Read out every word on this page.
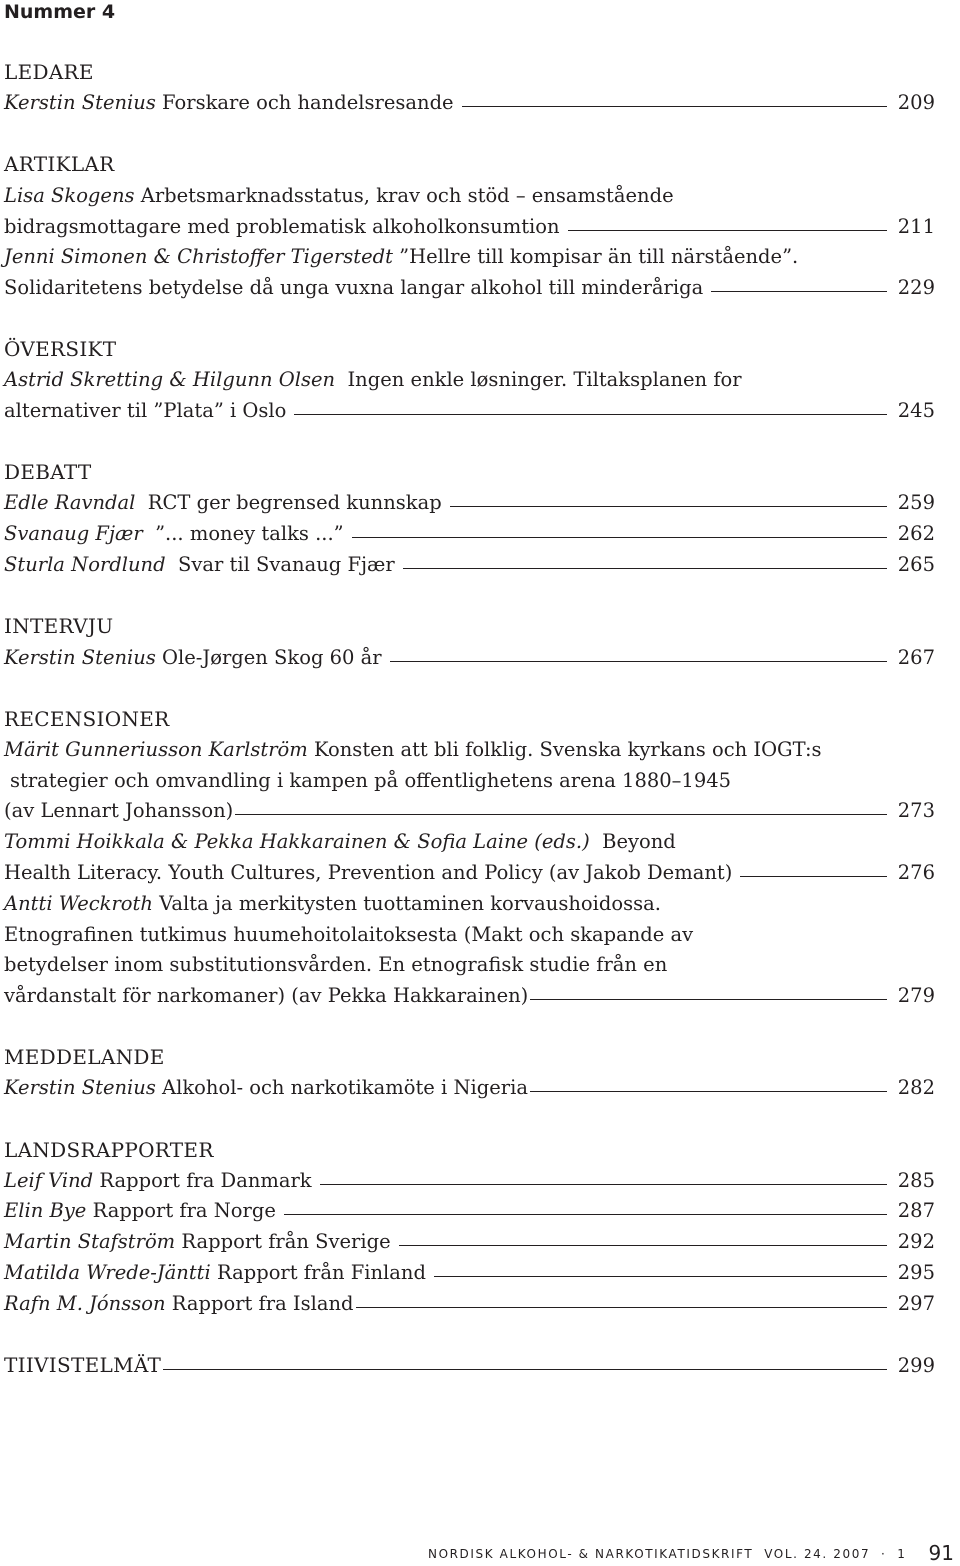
Nummer 4
LEDARE
Kerstin Stenius
Forskare och handelsresande	209
ARTIKLAR
Lisa Skogens
Arbetsmarknadsstatus, krav och stöd – ensamstående
bidragsmottagare med problematisk alkoholkonsumtion	211
Jenni Simonen & Christoffer Tigerstedt
”Hellre till kompisar än till närstående”.
Solidaritetens betydelse då unga vuxna langar alkohol till minderåriga	229
ÖVERSIKT
Astrid Skretting & Hilgunn Olsen
Ingen enkle løsninger. Tiltaksplanen for
alternativer til ”Plata” i Oslo	245
DEBATT
Edle Ravndal
RCT ger begrensed kunnskap	259
Svanaug Fjær
”... money talks ...”	262
Sturla Nordlund
Svar til Svanaug Fjær	265
INTERVJU
Kerstin Stenius
Ole-Jørgen Skog 60 år	267
RECENSIONER
Märit Gunneriusson Karlström
Konsten att bli folklig. Svenska kyrkans och IOGT:s
strategier och omvandling i kampen på offentlighetens arena 1880–1945
(av Lennart Johansson)	273
Tommi Hoikkala & Pekka Hakkarainen & Sofia Laine (eds.)
Beyond
Health Literacy. Youth Cultures, Prevention and Policy (av Jakob Demant)	276
Antti Weckroth
Valta ja merkitysten tuottaminen korvaushoidossa.
Etnografinen tutkimus huumehoitolaitoksesta (Makt och skapande av
betydelser inom substitutionsvården. En etnografisk studie från en
vårdanstalt för narkomaner) (av Pekka Hakkarainen)	279
MEDDELANDE
Kerstin Stenius
Alkohol- och narkotikamöte i Nigeria	282
LANDSRAPPORTER
Leif Vind
Rapport fra Danmark	285
Elin Bye
Rapport fra Norge	287
Martin Stafström
Rapport från Sverige	292
Matilda Wrede-Jäntti
Rapport från Finland	295
Rafn M. Jónsson
Rapport fra Island	297
TIIVISTELMÄT	299
NORDISK ALKOHOL- & NARKOTIKATIDSKRIFT VOL. 24. 2007 · 1 91
